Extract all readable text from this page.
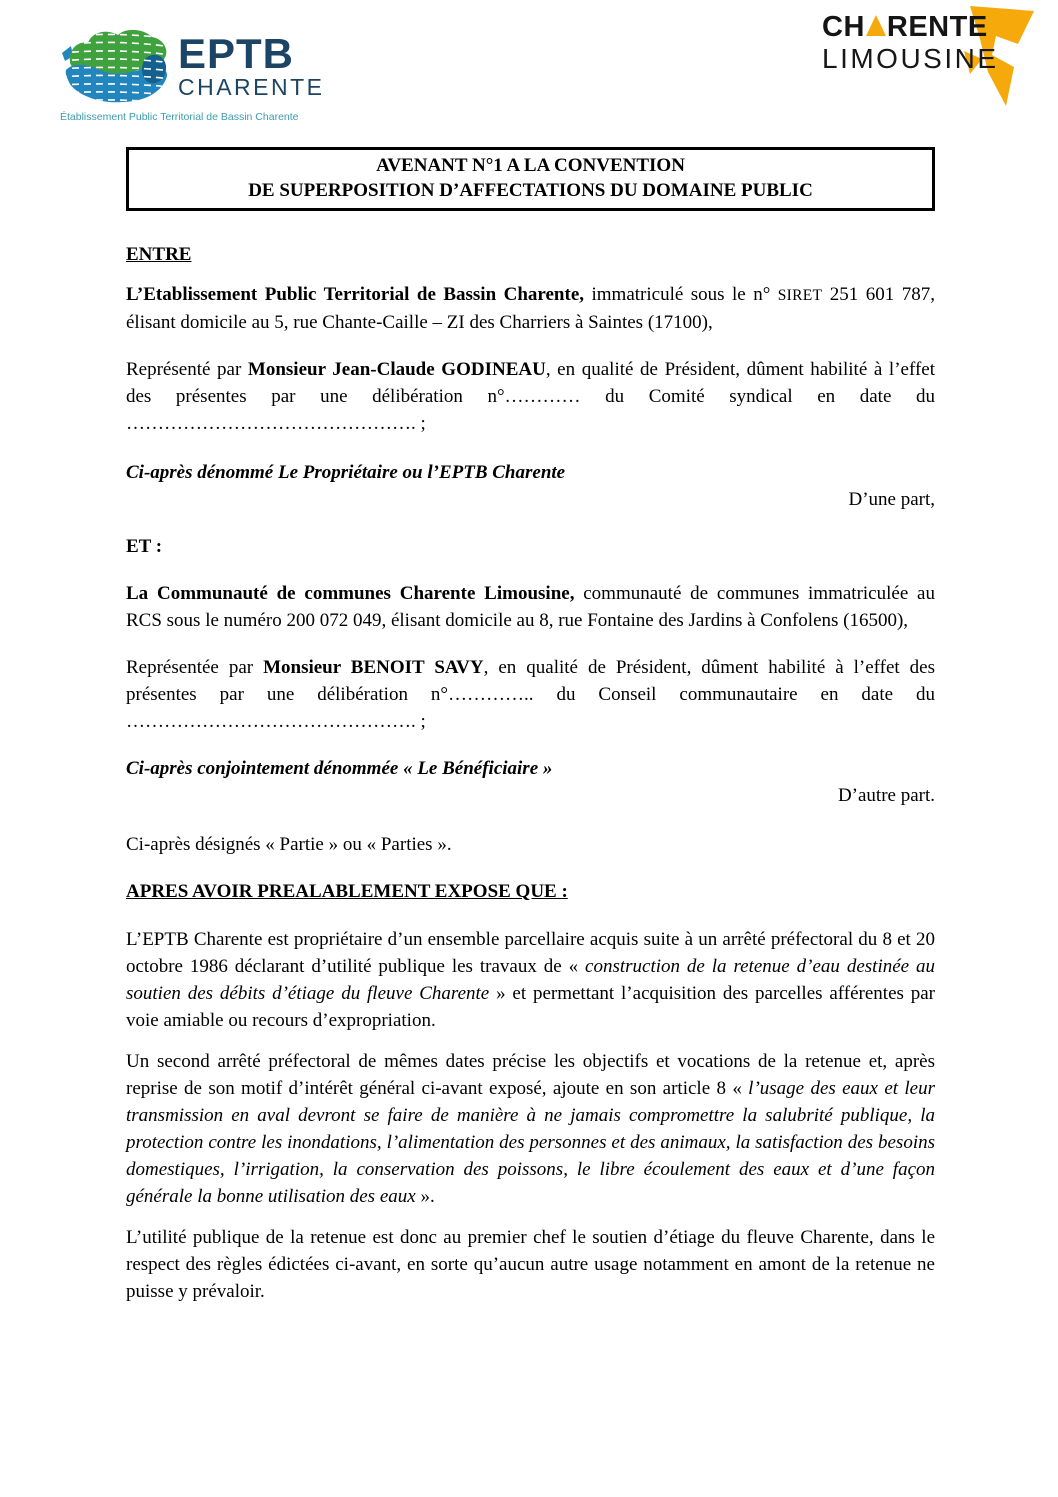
EPTB
CHARENTE
Établissement Public Territorial de Bassin Charente
CH RENTE
LIMOUSINE
AVENANT N°1 A LA CONVENTION
DE SUPERPOSITION D’AFFECTATIONS DU DOMAINE PUBLIC
ENTRE

L’Etablissement Public Territorial de Bassin Charente, immatriculé sous le n° SIRET 251 601 787, élisant domicile au 5, rue Chante-Caille – ZI des Charriers à Saintes (17100),

Représenté par Monsieur Jean-Claude GODINEAU, en qualité de Président, dûment habilité à l’effet des présentes par une délibération n°………… du Comité syndical en date du ………………………………………. ;

Ci-après dénommé Le Propriétaire ou l’EPTB Charente

D’une part,

ET :

La Communauté de communes Charente Limousine, communauté de communes immatriculée au RCS sous le numéro 200 072 049, élisant domicile au 8, rue Fontaine des Jardins à Confolens (16500),

Représentée par Monsieur BENOIT SAVY, en qualité de Président, dûment habilité à l’effet des présentes par une délibération n°………….. du Conseil communautaire en date du ………………………………………. ;

Ci-après conjointement dénommée « Le Bénéficiaire »

D’autre part.

Ci-après désignés « Partie » ou « Parties ».

APRES AVOIR PREALABLEMENT EXPOSE QUE :

L’EPTB Charente est propriétaire d’un ensemble parcellaire acquis suite à un arrêté préfectoral du 8 et 20 octobre 1986 déclarant d’utilité publique les travaux de « construction de la retenue d’eau destinée au soutien des débits d’étiage du fleuve Charente » et permettant l’acquisition des parcelles afférentes par voie amiable ou recours d’expropriation.

Un second arrêté préfectoral de mêmes dates précise les objectifs et vocations de la retenue et, après reprise de son motif d’intérêt général ci-avant exposé, ajoute en son article 8 « l’usage des eaux et leur transmission en aval devront se faire de manière à ne jamais compromettre la salubrité publique, la protection contre les inondations, l’alimentation des personnes et des animaux, la satisfaction des besoins domestiques, l’irrigation, la conservation des poissons, le libre écoulement des eaux et d’une façon générale la bonne utilisation des eaux ».

L’utilité publique de la retenue est donc au premier chef le soutien d’étiage du fleuve Charente, dans le respect des règles édictées ci-avant, en sorte qu’aucun autre usage notamment en amont de la retenue ne puisse y prévaloir.
